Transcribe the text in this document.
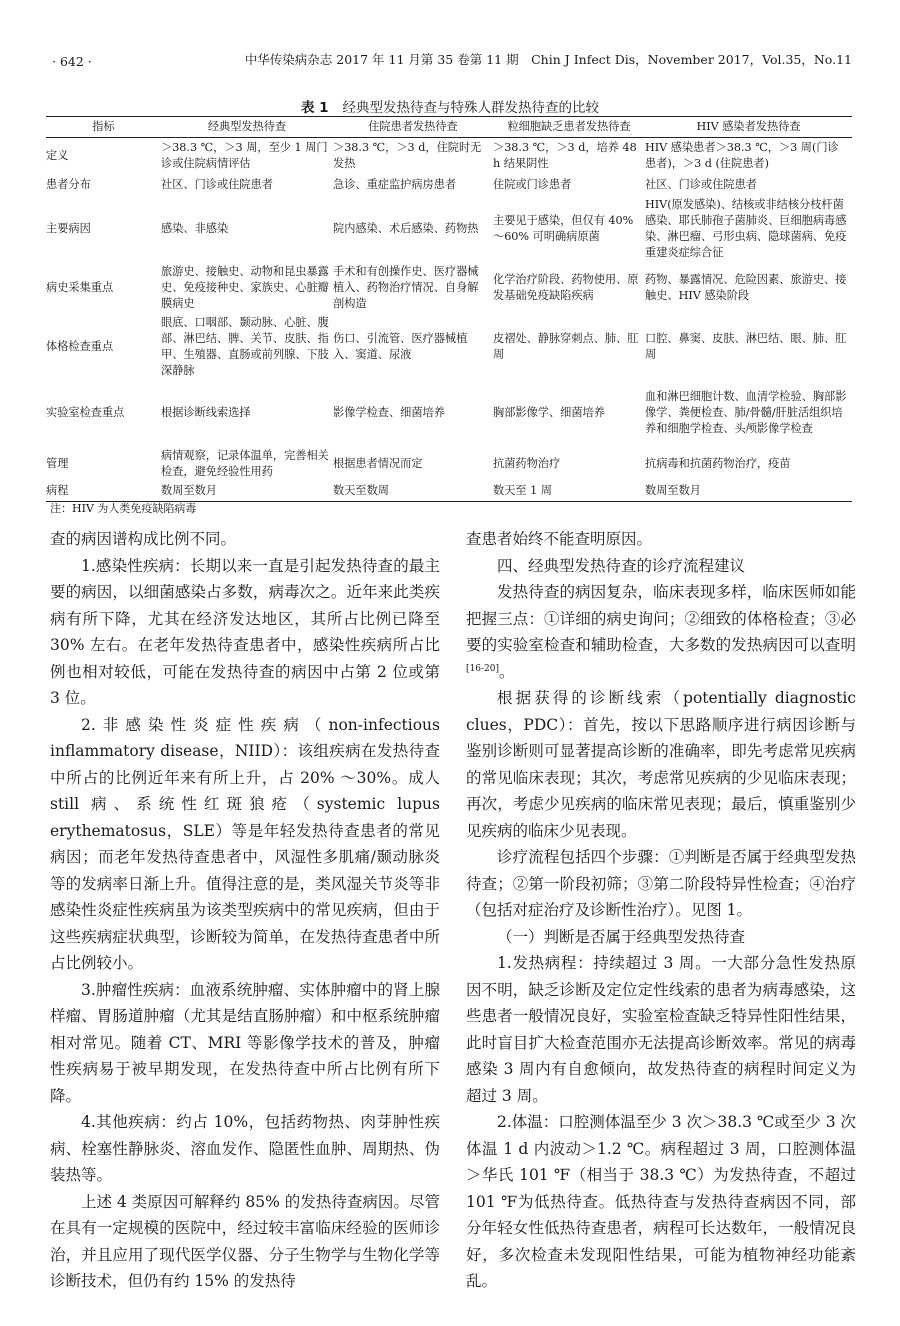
· 642 ·	中华传染病杂志 2017 年 11 月第 35 卷第 11 期　Chin J Infect Dis，November 2017，Vol.35，No.11
表 1 经典型发热待查与特殊人群发热待查的比较
指标	经典型发热待查	住院患者发热待查	粒细胞缺乏患者发热待查	HIV 感染者发热待查
定义	＞38.3 ℃，＞3 周，至少 1 周门诊或住院病情评估	＞38.3 ℃，＞3 d，住院时无发热	＞38.3 ℃，＞3 d，培养 48 h 结果阴性	HIV 感染患者＞38.3 ℃，＞3 周(门诊患者)，＞3 d (住院患者)
患者分布	社区、门诊或住院患者	急诊、重症监护病房患者	住院或门诊患者	社区、门诊或住院患者
主要病因	感染、非感染	院内感染、术后感染、药物热	主要见于感染，但仅有 40% ～60% 可明确病原菌	HIV(原发感染)、结核或非结核分枝杆菌感染、耶氏肺孢子菌肺炎、巨细胞病毒感染、淋巴瘤、弓形虫病、隐球菌病、免疫重建炎症综合征
病史采集重点	旅游史、接触史、动物和昆虫暴露史、免疫接种史、家族史、心脏瓣膜病史	手术和有创操作史、医疗器械植入、药物治疗情况、自身解剖构造	化学治疗阶段、药物使用、原发基础免疫缺陷疾病	药物、暴露情况、危险因素、旅游史、接触史、HIV 感染阶段
体格检查重点	眼底、口咽部、颞动脉、心脏、腹部、淋巴结、脾、关节、皮肤、指甲、生殖器、直肠或前列腺、下肢深静脉	伤口、引流管、医疗器械植入、窦道、尿液	皮褶处、静脉穿刺点、肺、肛周	口腔、鼻窦、皮肤、淋巴结、眼、肺、肛周
实验室检查重点	根据诊断线索选择	影像学检查、细菌培养	胸部影像学、细菌培养	血和淋巴细胞计数、血清学检验、胸部影像学、粪便检查、肺/骨髓/肝脏活组织培养和细胞学检查、头颅影像学检查
管理	病情观察，记录体温单，完善相关检查，避免经验性用药	根据患者情况而定	抗菌药物治疗	抗病毒和抗菌药物治疗，疫苗
病程	数周至数月	数天至数周	数天至 1 周	数周至数月
注：HIV 为人类免疫缺陷病毒

查的病因谱构成比例不同。

1.感染性疾病：长期以来一直是引起发热待查的最主要的病因，以细菌感染占多数，病毒次之。近年来此类疾病有所下降，尤其在经济发达地区，其所占比例已降至 30% 左右。在老年发热待查患者中，感染性疾病所占比例也相对较低，可能在发热待查的病因中占第 2 位或第 3 位。

2.非感染性炎症性疾病（non-infectious inflammatory disease，NIID）：该组疾病在发热待查中所占的比例近年来有所上升，占 20% ～30%。成人 still 病、系统性红斑狼疮（systemic lupus erythematosus，SLE）等是年轻发热待查患者的常见病因；而老年发热待查患者中，风湿性多肌痛/颞动脉炎等的发病率日渐上升。值得注意的是，类风湿关节炎等非感染性炎症性疾病虽为该类型疾病中的常见疾病，但由于这些疾病症状典型，诊断较为简单，在发热待查患者中所占比例较小。

3.肿瘤性疾病：血液系统肿瘤、实体肿瘤中的肾上腺样瘤、胃肠道肿瘤（尤其是结直肠肿瘤）和中枢系统肿瘤相对常见。随着 CT、MRI 等影像学技术的普及，肿瘤性疾病易于被早期发现，在发热待查中所占比例有所下降。

4.其他疾病：约占 10%，包括药物热、肉芽肿性疾病、栓塞性静脉炎、溶血发作、隐匿性血肿、周期热、伪装热等。

上述 4 类原因可解释约 85% 的发热待查病因。尽管在具有一定规模的医院中，经过较丰富临床经验的医师诊治，并且应用了现代医学仪器、分子生物学与生物化学等诊断技术，但仍有约 15% 的发热待

查患者始终不能查明原因。

四、经典型发热待查的诊疗流程建议

发热待查的病因复杂，临床表现多样，临床医师如能把握三点：①详细的病史询问；②细致的体格检查；③必要的实验室检查和辅助检查，大多数的发热病因可以查明[16-20]。

根据获得的诊断线索（potentially diagnostic clues，PDC）：首先，按以下思路顺序进行病因诊断与鉴别诊断则可显著提高诊断的准确率，即先考虑常见疾病的常见临床表现；其次，考虑常见疾病的少见临床表现；再次，考虑少见疾病的临床常见表现；最后，慎重鉴别少见疾病的临床少见表现。

诊疗流程包括四个步骤：①判断是否属于经典型发热待查；②第一阶段初筛；③第二阶段特异性检查；④治疗（包括对症治疗及诊断性治疗）。见图 1。

（一）判断是否属于经典型发热待查

1.发热病程：持续超过 3 周。一大部分急性发热原因不明，缺乏诊断及定位定性线索的患者为病毒感染，这些患者一般情况良好，实验室检查缺乏特异性阳性结果，此时盲目扩大检查范围亦无法提高诊断效率。常见的病毒感染 3 周内有自愈倾向，故发热待查的病程时间定义为超过 3 周。

2.体温：口腔测体温至少 3 次＞38.3 ℃或至少 3 次体温 1 d 内波动＞1.2 ℃。病程超过 3 周，口腔测体温＞华氏 101 ℉（相当于 38.3 ℃）为发热待查，不超过 101 ℉为低热待查。低热待查与发热待查病因不同，部分年轻女性低热待查患者，病程可长达数年，一般情况良好，多次检查未发现阳性结果，可能为植物神经功能紊乱。
